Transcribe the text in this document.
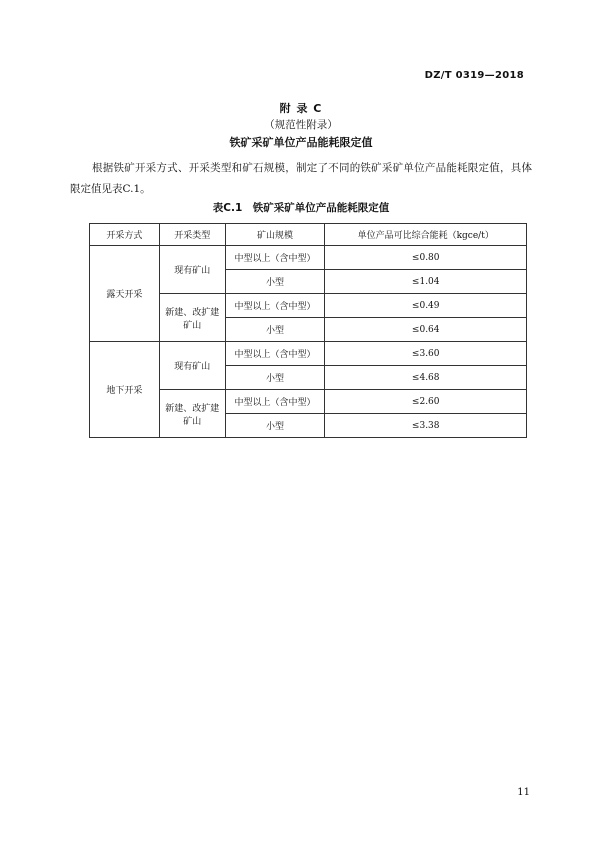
DZ/T 0319—2018
附 录 C
（规范性附录）
铁矿采矿单位产品能耗限定值
根据铁矿开采方式、开采类型和矿石规模，制定了不同的铁矿采矿单位产品能耗限定值，具体限定值见表C.1。
表C.1　铁矿采矿单位产品能耗限定值
开采方式	开采类型	矿山规模	单位产品可比综合能耗（kgce/t）
露天开采	现有矿山	中型以上（含中型）	≤0.80
		小型	≤1.04
	新建、改扩建矿山	中型以上（含中型）	≤0.49
		小型	≤0.64
地下开采	现有矿山	中型以上（含中型）	≤3.60
		小型	≤4.68
	新建、改扩建矿山	中型以上（含中型）	≤2.60
		小型	≤3.38
11
